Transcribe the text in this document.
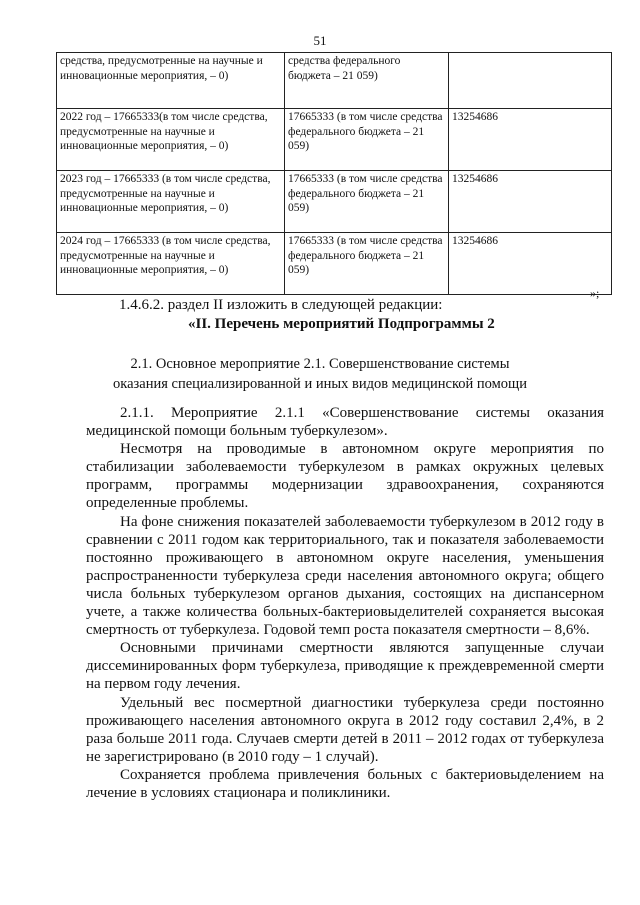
51
средства, предусмотренные на научные и инновационные мероприятия, – 0)	средства федерального бюджета – 21 059)	
2022 год – 17665333(в том числе средства, предусмотренные на научные и инновационные мероприятия, – 0)	17665333 (в том числе средства федерального бюджета – 21 059)	13254686
2023 год – 17665333 (в том числе средства, предусмотренные на научные и инновационные мероприятия, – 0)	17665333 (в том числе средства федерального бюджета – 21 059)	13254686
2024 год – 17665333 (в том числе средства, предусмотренные на научные и инновационные мероприятия, – 0)	17665333 (в том числе средства федерального бюджета – 21 059)	13254686
»;
1.4.6.2. раздел II изложить в следующей редакции:
«II. Перечень мероприятий Подпрограммы 2
2.1. Основное мероприятие 2.1. Совершенствование системы
оказания специализированной и иных видов медицинской помощи

2.1.1. Мероприятие 2.1.1 «Совершенствование системы оказания медицинской помощи больным туберкулезом».

Несмотря на проводимые в автономном округе мероприятия по стабилизации заболеваемости туберкулезом в рамках окружных целевых программ, программы модернизации здравоохранения, сохраняются определенные проблемы.

На фоне снижения показателей заболеваемости туберкулезом в 2012 году в сравнении с 2011 годом как территориального, так и показателя заболеваемости постоянно проживающего в автономном округе населения, уменьшения распространенности туберкулеза среди населения автономного округа; общего числа больных туберкулезом органов дыхания, состоящих на диспансерном учете, а также количества больных-бактериовыделителей сохраняется высокая смертность от туберкулеза. Годовой темп роста показателя смертности – 8,6%.

Основными причинами смертности являются запущенные случаи диссеминированных форм туберкулеза, приводящие к преждевременной смерти на первом году лечения.

Удельный вес посмертной диагностики туберкулеза среди постоянно проживающего населения автономного округа в 2012 году составил 2,4%, в 2 раза больше 2011 года. Случаев смерти детей в 2011 – 2012 годах от туберкулеза не зарегистрировано (в 2010 году – 1 случай).

Сохраняется проблема привлечения больных с бактериовыделением на лечение в условиях стационара и поликлиники.
